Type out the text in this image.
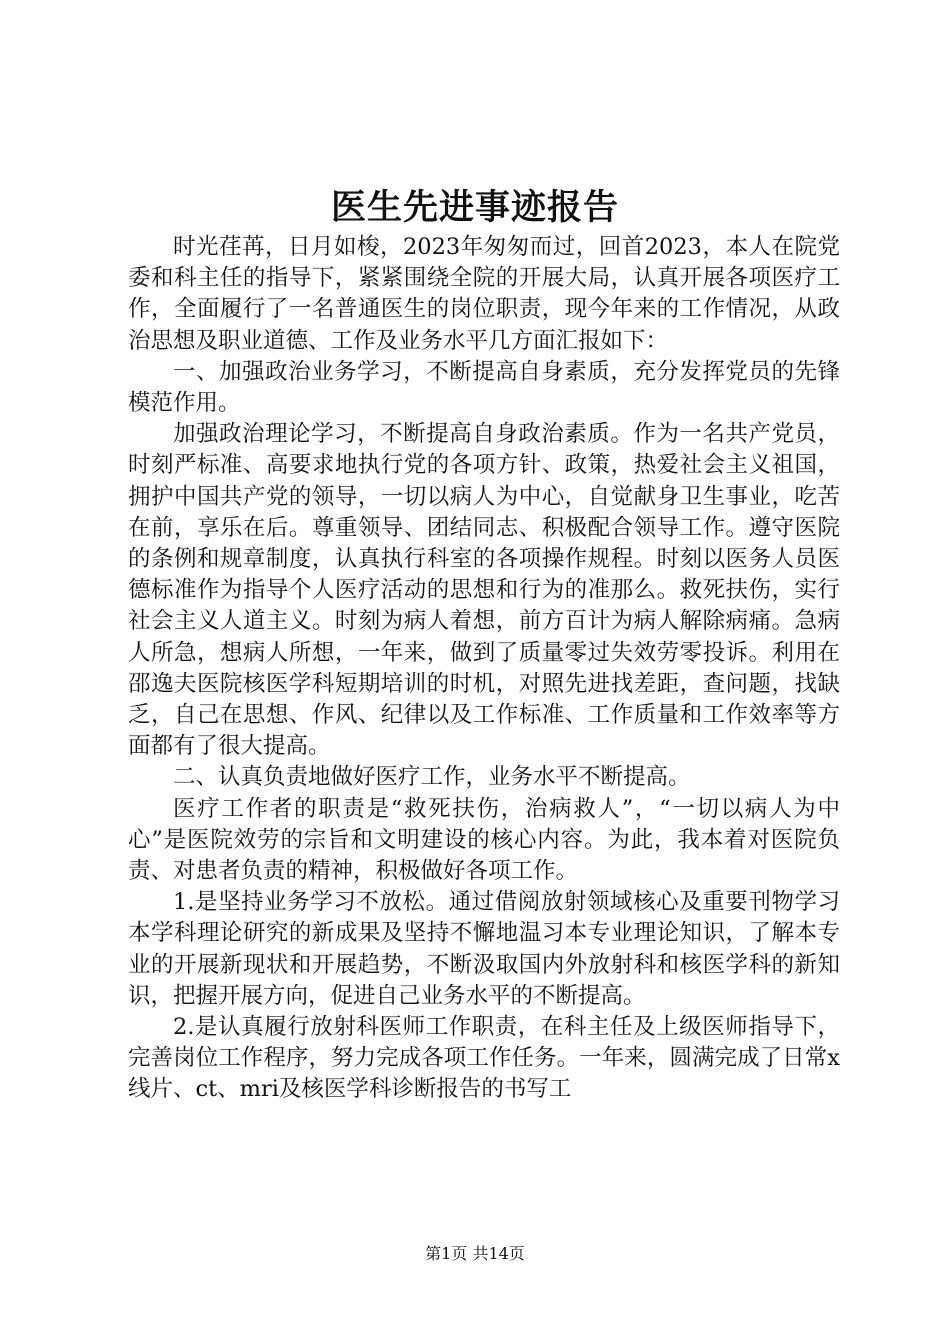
医生先进事迹报告

时光荏苒，日月如梭，2023年匆匆而过，回首2023，本人在院党委和科主任的指导下，紧紧围绕全院的开展大局，认真开展各项医疗工作，全面履行了一名普通医生的岗位职责，现今年来的工作情况，从政治思想及职业道德、工作及业务水平几方面汇报如下：

一、加强政治业务学习，不断提高自身素质，充分发挥党员的先锋模范作用。

加强政治理论学习，不断提高自身政治素质。作为一名共产党员，时刻严标准、高要求地执行党的各项方针、政策，热爱社会主义祖国，拥护中国共产党的领导，一切以病人为中心，自觉献身卫生事业，吃苦在前，享乐在后。尊重领导、团结同志、积极配合领导工作。遵守医院的条例和规章制度，认真执行科室的各项操作规程。时刻以医务人员医德标准作为指导个人医疗活动的思想和行为的准那么。救死扶伤，实行社会主义人道主义。时刻为病人着想，前方百计为病人解除病痛。急病人所急，想病人所想，一年来，做到了质量零过失效劳零投诉。利用在邵逸夫医院核医学科短期培训的时机，对照先进找差距，查问题，找缺乏，自己在思想、作风、纪律以及工作标准、工作质量和工作效率等方面都有了很大提高。

二、认真负责地做好医疗工作，业务水平不断提高。

医疗工作者的职责是“救死扶伤，治病救人”，“一切以病人为中心”是医院效劳的宗旨和文明建设的核心内容。为此，我本着对医院负责、对患者负责的精神，积极做好各项工作。

1.是坚持业务学习不放松。通过借阅放射领域核心及重要刊物学习本学科理论研究的新成果及坚持不懈地温习本专业理论知识，了解本专业的开展新现状和开展趋势，不断汲取国内外放射科和核医学科的新知识，把握开展方向，促进自己业务水平的不断提高。

2.是认真履行放射科医师工作职责，在科主任及上级医师指导下，完善岗位工作程序，努力完成各项工作任务。一年来，圆满完成了日常x线片、ct、mri及核医学科诊断报告的书写工

第1页 共14页
